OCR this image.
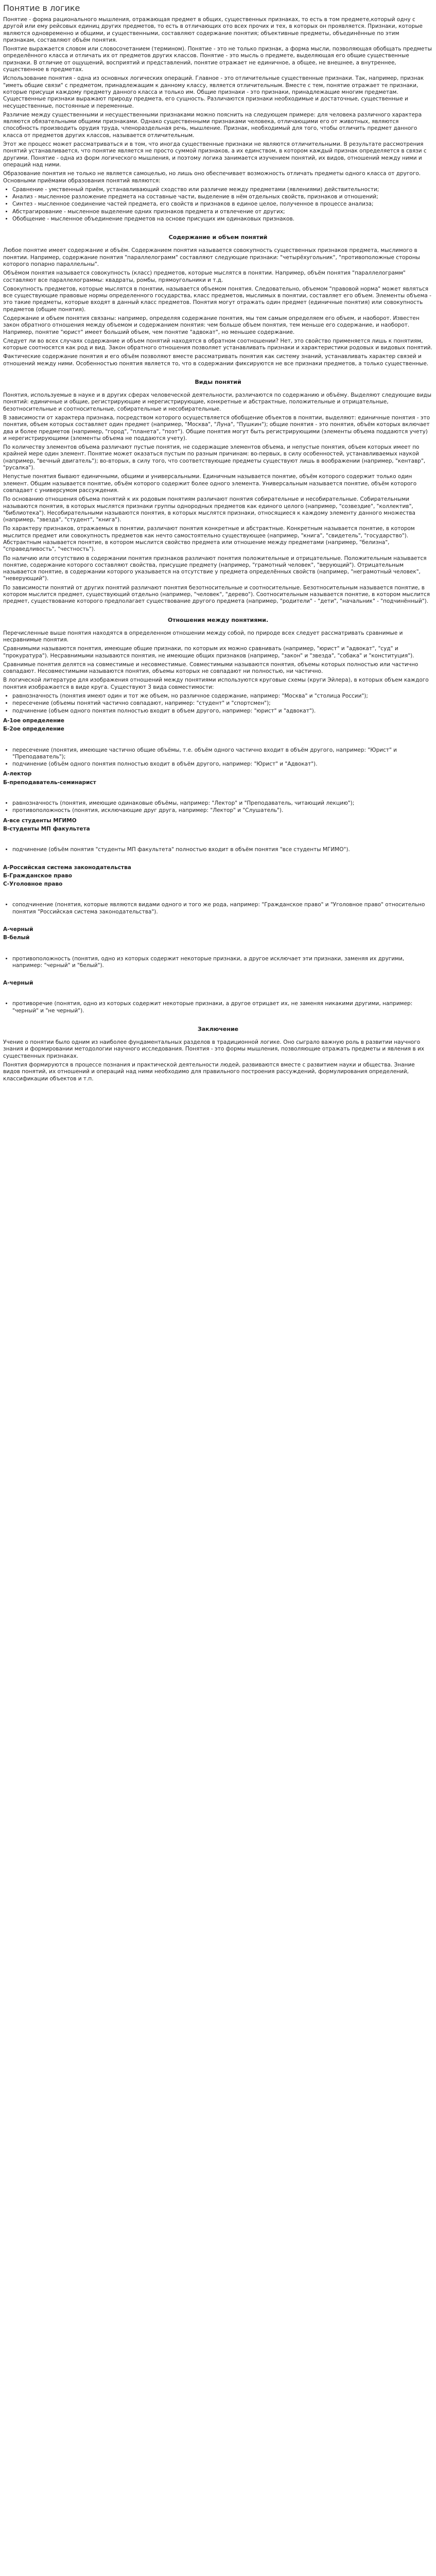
Понятие в логике

Понятие - форма рационального мышления, отражающая предмет в общих, существенных признаках, то есть в том предмете,который одну с другой или ему рейсовых единиц других предметов, то есть в отличающих ото всех прочих и тех, в которых он проявляется. Признаки, которые являются одновременно и общими, и существенными, составляют содержание понятия; объективные предметы, объединённые по этим признакам, составляют объём понятия.

Понятие выражается словом или словосочетанием (термином). Понятие - это не только признак, а форма мысли, позволяющая обобщать предметы определённого класса и отличать их от предметов других классов. Понятие - это мысль о предмете, выделяющая его общие существенные признаки. В отличие от ощущений, восприятий и представлений, понятие отражает не единичное, а общее, не внешнее, а внутреннее, существенное в предметах.

Использование понятия - одна из основных логических операций. Главное - это отличительные существенные признаки. Так, например, признак "иметь общие связи" с предметом, принадлежащим к данному классу, является отличительным. Вместе с тем, понятие отражает те признаки, которые присущи каждому предмету данного класса и только им. Общие признаки - это признаки, принадлежащие многим предметам. Существенные признаки выражают природу предмета, его сущность. Различаются признаки необходимые и достаточные, существенные и несущественные, постоянные и переменные.

Различие между существенными и несущественными признаками можно пояснить на следующем примере: для человека различного характера являются обязательными общими признаками. Однако существенными признаками человека, отличающими его от животных, являются способность производить орудия труда, членораздельная речь, мышление. Признак, необходимый для того, чтобы отличить предмет данного класса от предметов других классов, называется отличительным.

Этот же процесс может рассматриваться и в том, что иногда существенные признаки не являются отличительными. В результате рассмотрения понятий устанавливается, что понятие является не просто суммой признаков, а их единством, в котором каждый признак определяется в связи с другими. Понятие - одна из форм логического мышления, и поэтому логика занимается изучением понятий, их видов, отношений между ними и операций над ними.

Образование понятия не только не является самоцелью, но лишь оно обеспечивает возможность отличать предметы одного класса от другого. Основными приёмами образования понятий являются:

• Сравнение - умственный приём, устанавливающий сходство или различие между предметами (явлениями) действительности;
• Анализ - мысленное разложение предмета на составные части, выделение в нём отдельных свойств, признаков и отношений;
• Синтез - мысленное соединение частей предмета, его свойств и признаков в единое целое, полученное в процессе анализа;
• Абстрагирование - мысленное выделение одних признаков предмета и отвлечение от других;
• Обобщение - мысленное объединение предметов на основе присущих им одинаковых признаков.
Содержание и объем понятий

Любое понятие имеет содержание и объём. Содержанием понятия называется совокупность существенных признаков предмета, мыслимого в понятии. Например, содержание понятия "параллелограмм" составляют следующие признаки: "четырёхугольник", "противоположные стороны которого попарно параллельны".

Объёмом понятия называется совокупность (класс) предметов, которые мыслятся в понятии. Например, объём понятия "параллелограмм" составляют все параллелограммы: квадраты, ромбы, прямоугольники и т.д.

Совокупность предметов, которые мыслятся в понятии, называется объемом понятия. Следовательно, объемом "правовой норма" может являться все существующие правовые нормы определенного государства, класс предметов, мыслимых в понятии, составляет его объем. Элементы объема - это такие предметы, которые входят в данный класс предметов. Понятия могут отражать один предмет (единичные понятия) или совокупность предметов (общие понятия).

Содержание и объем понятия связаны: например, определяя содержание понятия, мы тем самым определяем его объем, и наоборот. Известен закон обратного отношения между объемом и содержанием понятия: чем больше объем понятия, тем меньше его содержание, и наоборот. Например, понятие "юрист" имеет больший объем, чем понятие "адвокат", но меньшее содержание.

Следует ли во всех случаях содержание и объем понятий находятся в обратном соотношении? Нет, это свойство применяется лишь к понятиям, которые соотносятся как род и вид. Закон обратного отношения позволяет устанавливать признаки и характеристики родовых и видовых понятий.

Фактические содержание понятия и его объём позволяют вместе рассматривать понятия как систему знаний, устанавливать характер связей и отношений между ними. Особенностью понятия является то, что в содержании фиксируются не все признаки предметов, а только существенные.

Виды понятий

Понятия, используемые в науке и в других сферах человеческой деятельности, различаются по содержанию и объёму. Выделяют следующие виды понятий: единичные и общие, регистрирующие и нерегистрирующие, конкретные и абстрактные, положительные и отрицательные, безотносительные и соотносительные, собирательные и несобирательные.

В зависимости от характера признака, посредством которого осуществляется обобщение объектов в понятии, выделяют: единичные понятия - это понятия, объем которых составляет один предмет (например, "Москва", "Луна", "Пушкин"); общие понятия - это понятия, объём которых включает два и более предметов (например, "город", "планета", "поэт"). Общие понятия могут быть регистрирующими (элементы объема поддаются учету) и нерегистрирующими (элементы объема не поддаются учету).

По количеству элементов объема различают пустые понятия, не содержащие элементов объема, и непустые понятия, объем которых имеет по крайней мере один элемент. Понятие может оказаться пустым по разным причинам: во-первых, в силу особенностей, устанавливаемых наукой (например, "вечный двигатель"); во-вторых, в силу того, что соответствующие предметы существуют лишь в воображении (например, "кентавр", "русалка").

Непустые понятия бывают единичными, общими и универсальными. Единичным называется понятие, объём которого содержит только один элемент. Общим называется понятие, объём которого содержит более одного элемента. Универсальным называется понятие, объём которого совпадает с универсумом рассуждения.

По основанию отношения объема понятий к их родовым понятиям различают понятия собирательные и несобирательные. Собирательными называются понятия, в которых мыслятся признаки группы однородных предметов как единого целого (например, "созвездие", "коллектив", "библиотека"). Несобирательными называются понятия, в которых мыслятся признаки, относящиеся к каждому элементу данного множества (например, "звезда", "студент", "книга").

По характеру признаков, отражаемых в понятии, различают понятия конкретные и абстрактные. Конкретным называется понятие, в котором мыслится предмет или совокупность предметов как нечто самостоятельно существующее (например, "книга", "свидетель", "государство"). Абстрактным называется понятие, в котором мыслится свойство предмета или отношение между предметами (например, "белизна", "справедливость", "честность").

По наличию или отсутствию в содержании понятия признаков различают понятия положительные и отрицательные. Положительным называется понятие, содержание которого составляют свойства, присущие предмету (например, "грамотный человек", "верующий"). Отрицательным называется понятие, в содержании которого указывается на отсутствие у предмета определённых свойств (например, "неграмотный человек", "неверующий").

По зависимости понятий от других понятий различают понятия безотносительные и соотносительные. Безотносительным называется понятие, в котором мыслится предмет, существующий отдельно (например, "человек", "дерево"). Соотносительным называется понятие, в котором мыслится предмет, существование которого предполагает существование другого предмета (например, "родители" - "дети", "начальник" - "подчинённый").

Отношения между понятиями.

Перечисленные выше понятия находятся в определенном отношении между собой, по природе всех следует рассматривать сравнимые и несравнимые понятия.

Сравнимыми называются понятия, имеющие общие признаки, по которым их можно сравнивать (например, "юрист" и "адвокат", "суд" и "прокуратура"). Несравнимыми называются понятия, не имеющие общих признаков (например, "закон" и "звезда", "собака" и "конституция").

Сравнимые понятия делятся на совместимые и несовместимые. Совместимыми называются понятия, объемы которых полностью или частично совпадают. Несовместимыми называются понятия, объемы которых не совпадают ни полностью, ни частично.

В логической литературе для изображения отношений между понятиями используются круговые схемы (круги Эйлера), в которых объем каждого понятия изображается в виде круга. Существуют 3 вида совместимости:

• равнозначность (понятия имеют один и тот же объем, но различное содержание, например: "Москва" и "столица России");
• пересечение (объемы понятий частично совпадают, например: "студент" и "спортсмен");
• подчинение (объем одного понятия полностью входит в объем другого, например: "юрист" и "адвокат").
А-1ое определение
Б-2ое определение
• пересечение (понятия, имеющие частично общие объёмы, т.е. объём одного частично входит в объём другого, например: "Юрист" и "Преподаватель");
• подчинение (объём одного понятия полностью входит в объём другого, например: "Юрист" и "Адвокат").
А-лектор
Б-преподаватель-семинарист
• равнозначность (понятия, имеющие одинаковые объёмы, например: "Лектор" и "Преподаватель, читающий лекцию");
• противоположность (понятия, исключающие друг друга, например: "Лектор" и "Слушатель").
А-все студенты МГИМО
В-студенты МП факультета
• подчинение (объём понятия "студенты МП факультета" полностью входит в объём понятия "все студенты МГИМО").
А-Российская система законодательства
Б-Гражданское право
С-Уголовное право
• соподчинение (понятия, которые являются видами одного и того же рода, например: "Гражданское право" и "Уголовное право" относительно понятия "Российская система законодательства").
А-черный
В-белый
• противоположность (понятия, одно из которых содержит некоторые признаки, а другое исключает эти признаки, заменяя их другими, например: "черный" и "белый").
А-черный
• противоречие (понятия, одно из которых содержит некоторые признаки, а другое отрицает их, не заменяя никакими другими, например: "черный" и "не черный").
Заключение

Учение о понятии было одним из наиболее фундаментальных разделов в традиционной логике. Оно сыграло важную роль в развитии научного знания и формировании методологии научного исследования. Понятия - это формы мышления, позволяющие отражать предметы и явления в их существенных признаках.

Понятия формируются в процессе познания и практической деятельности людей, развиваются вместе с развитием науки и общества. Знание видов понятий, их отношений и операций над ними необходимо для правильного построения рассуждений, формулирования определений, классификации объектов и т.п.
